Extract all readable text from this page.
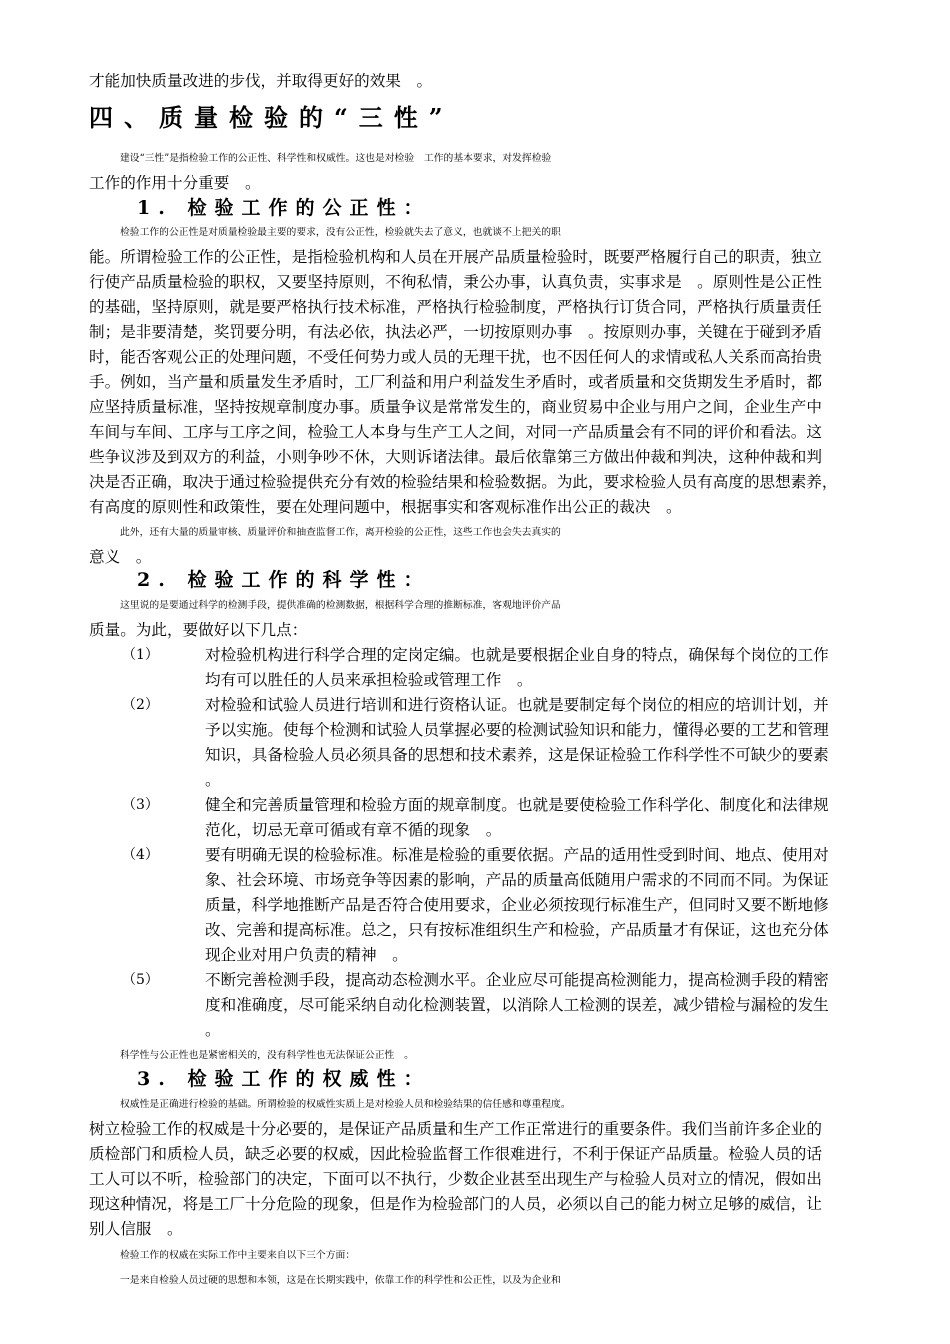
才能加快质量改进的步伐，并取得更好的效果　。
四、质量检验的“三性”
建设“三性”是指检验工作的公正性、科学性和权威性。这也是对检验　工作的基本要求，对发挥检验
工作的作用十分重要　。
1. 检验工作的公正性：
检验工作的公正性是对质量检验最主要的要求，没有公正性，检验就失去了意义，也就谈不上把关的职
能。所谓检验工作的公正性，是指检验机构和人员在开展产品质量检验时，既要严格履行自己的职责，独立
行使产品质量检验的职权，又要坚持原则，不徇私情，秉公办事，认真负责，实事求是　。原则性是公正性
的基础，坚持原则，就是要严格执行技术标准，严格执行检验制度，严格执行订货合同，严格执行质量责任
制；是非要清楚，奖罚要分明，有法必依，执法必严，一切按原则办事　。按原则办事，关键在于碰到矛盾
时，能否客观公正的处理问题，不受任何势力或人员的无理干扰，也不因任何人的求情或私人关系而高抬贵
手。例如，当产量和质量发生矛盾时，工厂利益和用户利益发生矛盾时，或者质量和交货期发生矛盾时，都
应坚持质量标准，坚持按规章制度办事。质量争议是常常发生的，商业贸易中企业与用户之间，企业生产中
车间与车间、工序与工序之间，检验工人本身与生产工人之间，对同一产品质量会有不同的评价和看法。这
些争议涉及到双方的利益，小则争吵不休，大则诉诸法律。最后依靠第三方做出仲裁和判决，这种仲裁和判
决是否正确，取决于通过检验提供充分有效的检验结果和检验数据。为此，要求检验人员有高度的思想素养，
有高度的原则性和政策性，要在处理问题中，根据事实和客观标准作出公正的裁决　。
此外，还有大量的质量审核、质量评价和抽查监督工作，离开检验的公正性，这些工作也会失去真实的
意义　。
2. 检验工作的科学性：
这里说的是要通过科学的检测手段，提供准确的检测数据，根据科学合理的推断标准，客观地评价产品
质量。为此，要做好以下几点：
（1）	对检验机构进行科学合理的定岗定编。也就是要根据企业自身的特点，确保每个岗位的工作
均有可以胜任的人员来承担检验或管理工作　。
（2）	对检验和试验人员进行培训和进行资格认证。也就是要制定每个岗位的相应的培训计划，并
予以实施。使每个检测和试验人员掌握必要的检测试验知识和能力，懂得必要的工艺和管理
知识，具备检验人员必须具备的思想和技术素养，这是保证检验工作科学性不可缺少的要素
。
（3）	健全和完善质量管理和检验方面的规章制度。也就是要使检验工作科学化、制度化和法律规
范化，切忌无章可循或有章不循的现象　。
（4）	要有明确无误的检验标准。标准是检验的重要依据。产品的适用性受到时间、地点、使用对
象、社会环境、市场竞争等因素的影响，产品的质量高低随用户需求的不同而不同。为保证
质量，科学地推断产品是否符合使用要求，企业必须按现行标准生产，但同时又要不断地修
改、完善和提高标准。总之，只有按标准组织生产和检验，产品质量才有保证，这也充分体
现企业对用户负责的精神　。
（5）	不断完善检测手段，提高动态检测水平。企业应尽可能提高检测能力，提高检测手段的精密
度和准确度，尽可能采纳自动化检测装置，以消除人工检测的误差，减少错检与漏检的发生
。
科学性与公正性也是紧密相关的，没有科学性也无法保证公正性　。
3. 检验工作的权威性：
权威性是正确进行检验的基础。所谓检验的权威性实质上是对检验人员和检验结果的信任感和尊重程度。
树立检验工作的权威是十分必要的，是保证产品质量和生产工作正常进行的重要条件。我们当前许多企业的
质检部门和质检人员，缺乏必要的权威，因此检验监督工作很难进行，不利于保证产品质量。检验人员的话
工人可以不听，检验部门的决定，下面可以不执行，少数企业甚至出现生产与检验人员对立的情况，假如出
现这种情况，将是工厂十分危险的现象，但是作为检验部门的人员，必须以自己的能力树立足够的威信，让
别人信服　。
检验工作的权威在实际工作中主要来自以下三个方面：
一是来自检验人员过硬的思想和本领，这是在长期实践中，依靠工作的科学性和公正性，以及为企业和
